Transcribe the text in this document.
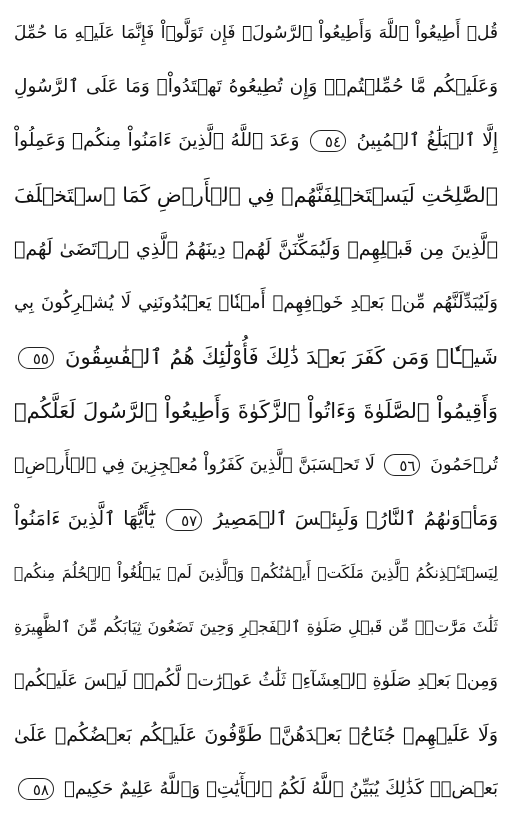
قُلۡ أَطِيعُواْ ٱللَّهَ وَأَطِيعُواْ ٱلرَّسُولَۖ فَإِن تَوَلَّوۡاْ فَإِنَّمَا عَلَيۡهِ مَا حُمِّلَ
وَعَلَيۡكُم مَّا حُمِّلۡتُمۡۖ وَإِن تُطِيعُوهُ تَهۡتَدُواْۚ وَمَا عَلَى ٱلرَّسُولِ
إِلَّا ٱلۡبَلَٰغُ ٱلۡمُبِينُ ٥٤ وَعَدَ ٱللَّهُ ٱلَّذِينَ ءَامَنُواْ مِنكُمۡ وَعَمِلُواْ
ٱلصَّٰلِحَٰتِ لَيَسۡتَخۡلِفَنَّهُمۡ فِي ٱلۡأَرۡضِ كَمَا ٱسۡتَخۡلَفَ
ٱلَّذِينَ مِن قَبۡلِهِمۡ وَلَيُمَكِّنَنَّ لَهُمۡ دِينَهُمُ ٱلَّذِي ٱرۡتَضَىٰ لَهُمۡ
وَلَيُبَدِّلَنَّهُم مِّنۢ بَعۡدِ خَوۡفِهِمۡ أَمۡنٗاۚ يَعۡبُدُونَنِي لَا يُشۡرِكُونَ بِي
شَيۡـٔٗاۚ وَمَن كَفَرَ بَعۡدَ ذَٰلِكَ فَأُوْلَٰٓئِكَ هُمُ ٱلۡفَٰسِقُونَ ٥٥
وَأَقِيمُواْ ٱلصَّلَوٰةَ وَءَاتُواْ ٱلزَّكَوٰةَ وَأَطِيعُواْ ٱلرَّسُولَ لَعَلَّكُمۡ
تُرۡحَمُونَ ٥٦ لَا تَحۡسَبَنَّ ٱلَّذِينَ كَفَرُواْ مُعۡجِزِينَ فِي ٱلۡأَرۡضِۚ
وَمَأۡوَىٰهُمُ ٱلنَّارُۖ وَلَبِئۡسَ ٱلۡمَصِيرُ ٥٧ يَٰٓأَيُّهَا ٱلَّذِينَ ءَامَنُواْ
لِيَسۡتَـٔۡذِنكُمُ ٱلَّذِينَ مَلَكَتۡ أَيۡمَٰنُكُمۡ وَٱلَّذِينَ لَمۡ يَبۡلُغُواْ ٱلۡحُلُمَ مِنكُمۡ
ثَلَٰثَ مَرَّٰتٖۚ مِّن قَبۡلِ صَلَوٰةِ ٱلۡفَجۡرِ وَحِينَ تَضَعُونَ ثِيَابَكُم مِّنَ ٱلظَّهِيرَةِ
وَمِنۢ بَعۡدِ صَلَوٰةِ ٱلۡعِشَآءِۚ ثَلَٰثُ عَوۡرَٰتٖ لَّكُمۡۚ لَيۡسَ عَلَيۡكُمۡ
وَلَا عَلَيۡهِمۡ جُنَاحُۢ بَعۡدَهُنَّۚ طَوَّٰفُونَ عَلَيۡكُم بَعۡضُكُمۡ عَلَىٰ
بَعۡضٖۚ كَذَٰلِكَ يُبَيِّنُ ٱللَّهُ لَكُمُ ٱلۡأٓيَٰتِۗ وَٱللَّهُ عَلِيمٌ حَكِيمٞ ٥٨
